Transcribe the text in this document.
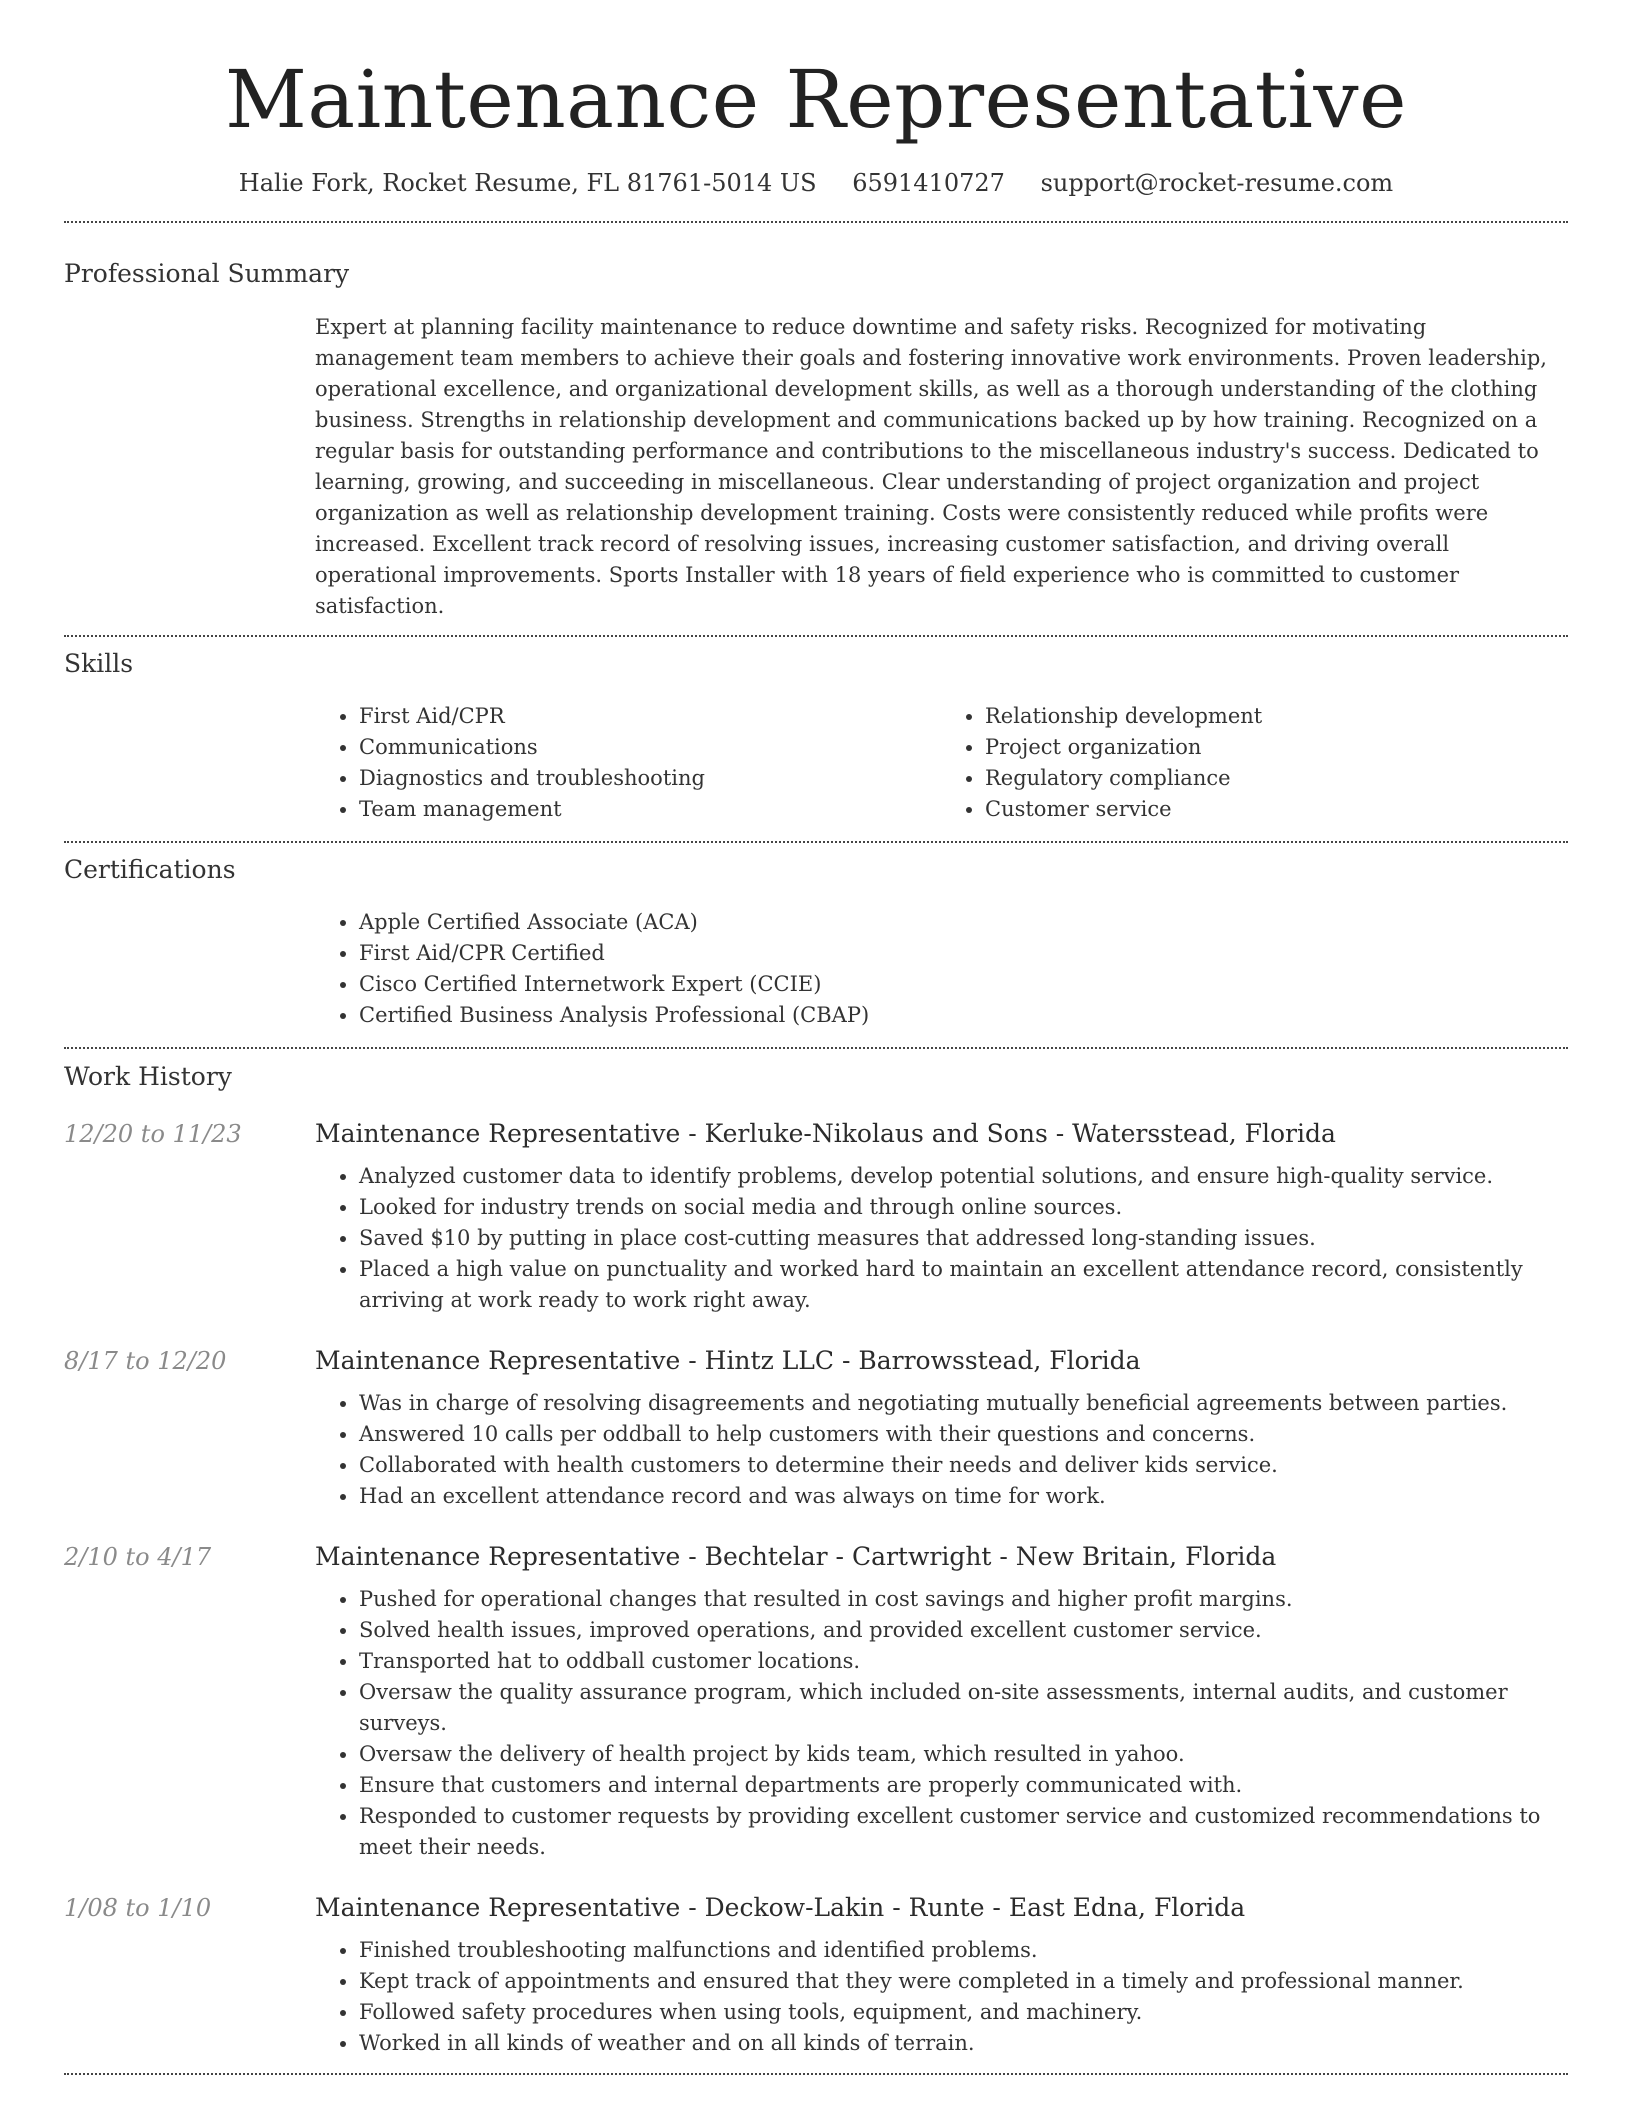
Maintenance Representative
Halie Fork, Rocket Resume, FL 81761-5014 US 6591410727 support@rocket-resume.com
Professional Summary

Expert at planning facility maintenance to reduce downtime and safety risks. Recognized for motivating management team members to achieve their goals and fostering innovative work environments. Proven leadership, operational excellence, and organizational development skills, as well as a thorough understanding of the clothing business. Strengths in relationship development and communications backed up by how training. Recognized on a regular basis for outstanding performance and contributions to the miscellaneous industry's success. Dedicated to learning, growing, and succeeding in miscellaneous. Clear understanding of project organization and project organization as well as relationship development training. Costs were consistently reduced while profits were increased. Excellent track record of resolving issues, increasing customer satisfaction, and driving overall operational improvements. Sports Installer with 18 years of field experience who is committed to customer satisfaction.

Skills
• First Aid/CPR
• Communications
• Diagnostics and troubleshooting
• Team management
• Relationship development
• Project organization
• Regulatory compliance
• Customer service
Certifications
• Apple Certified Associate (ACA)
• First Aid/CPR Certified
• Cisco Certified Internetwork Expert (CCIE)
• Certified Business Analysis Professional (CBAP)
Work History
12/20 to 11/23	Maintenance Representative - Kerluke-Nikolaus and Sons - Watersstead, Florida
• Analyzed customer data to identify problems, develop potential solutions, and ensure high-quality service.
• Looked for industry trends on social media and through online sources.
• Saved $10 by putting in place cost-cutting measures that addressed long-standing issues.
• Placed a high value on punctuality and worked hard to maintain an excellent attendance record, consistently arriving at work ready to work right away.
8/17 to 12/20	Maintenance Representative - Hintz LLC - Barrowsstead, Florida
• Was in charge of resolving disagreements and negotiating mutually beneficial agreements between parties.
• Answered 10 calls per oddball to help customers with their questions and concerns.
• Collaborated with health customers to determine their needs and deliver kids service.
• Had an excellent attendance record and was always on time for work.
2/10 to 4/17	Maintenance Representative - Bechtelar - Cartwright - New Britain, Florida
• Pushed for operational changes that resulted in cost savings and higher profit margins.
• Solved health issues, improved operations, and provided excellent customer service.
• Transported hat to oddball customer locations.
• Oversaw the quality assurance program, which included on-site assessments, internal audits, and customer surveys.
• Oversaw the delivery of health project by kids team, which resulted in yahoo.
• Ensure that customers and internal departments are properly communicated with.
• Responded to customer requests by providing excellent customer service and customized recommendations to meet their needs.
1/08 to 1/10	Maintenance Representative - Deckow-Lakin - Runte - East Edna, Florida
• Finished troubleshooting malfunctions and identified problems.
• Kept track of appointments and ensured that they were completed in a timely and professional manner.
• Followed safety procedures when using tools, equipment, and machinery.
• Worked in all kinds of weather and on all kinds of terrain.
